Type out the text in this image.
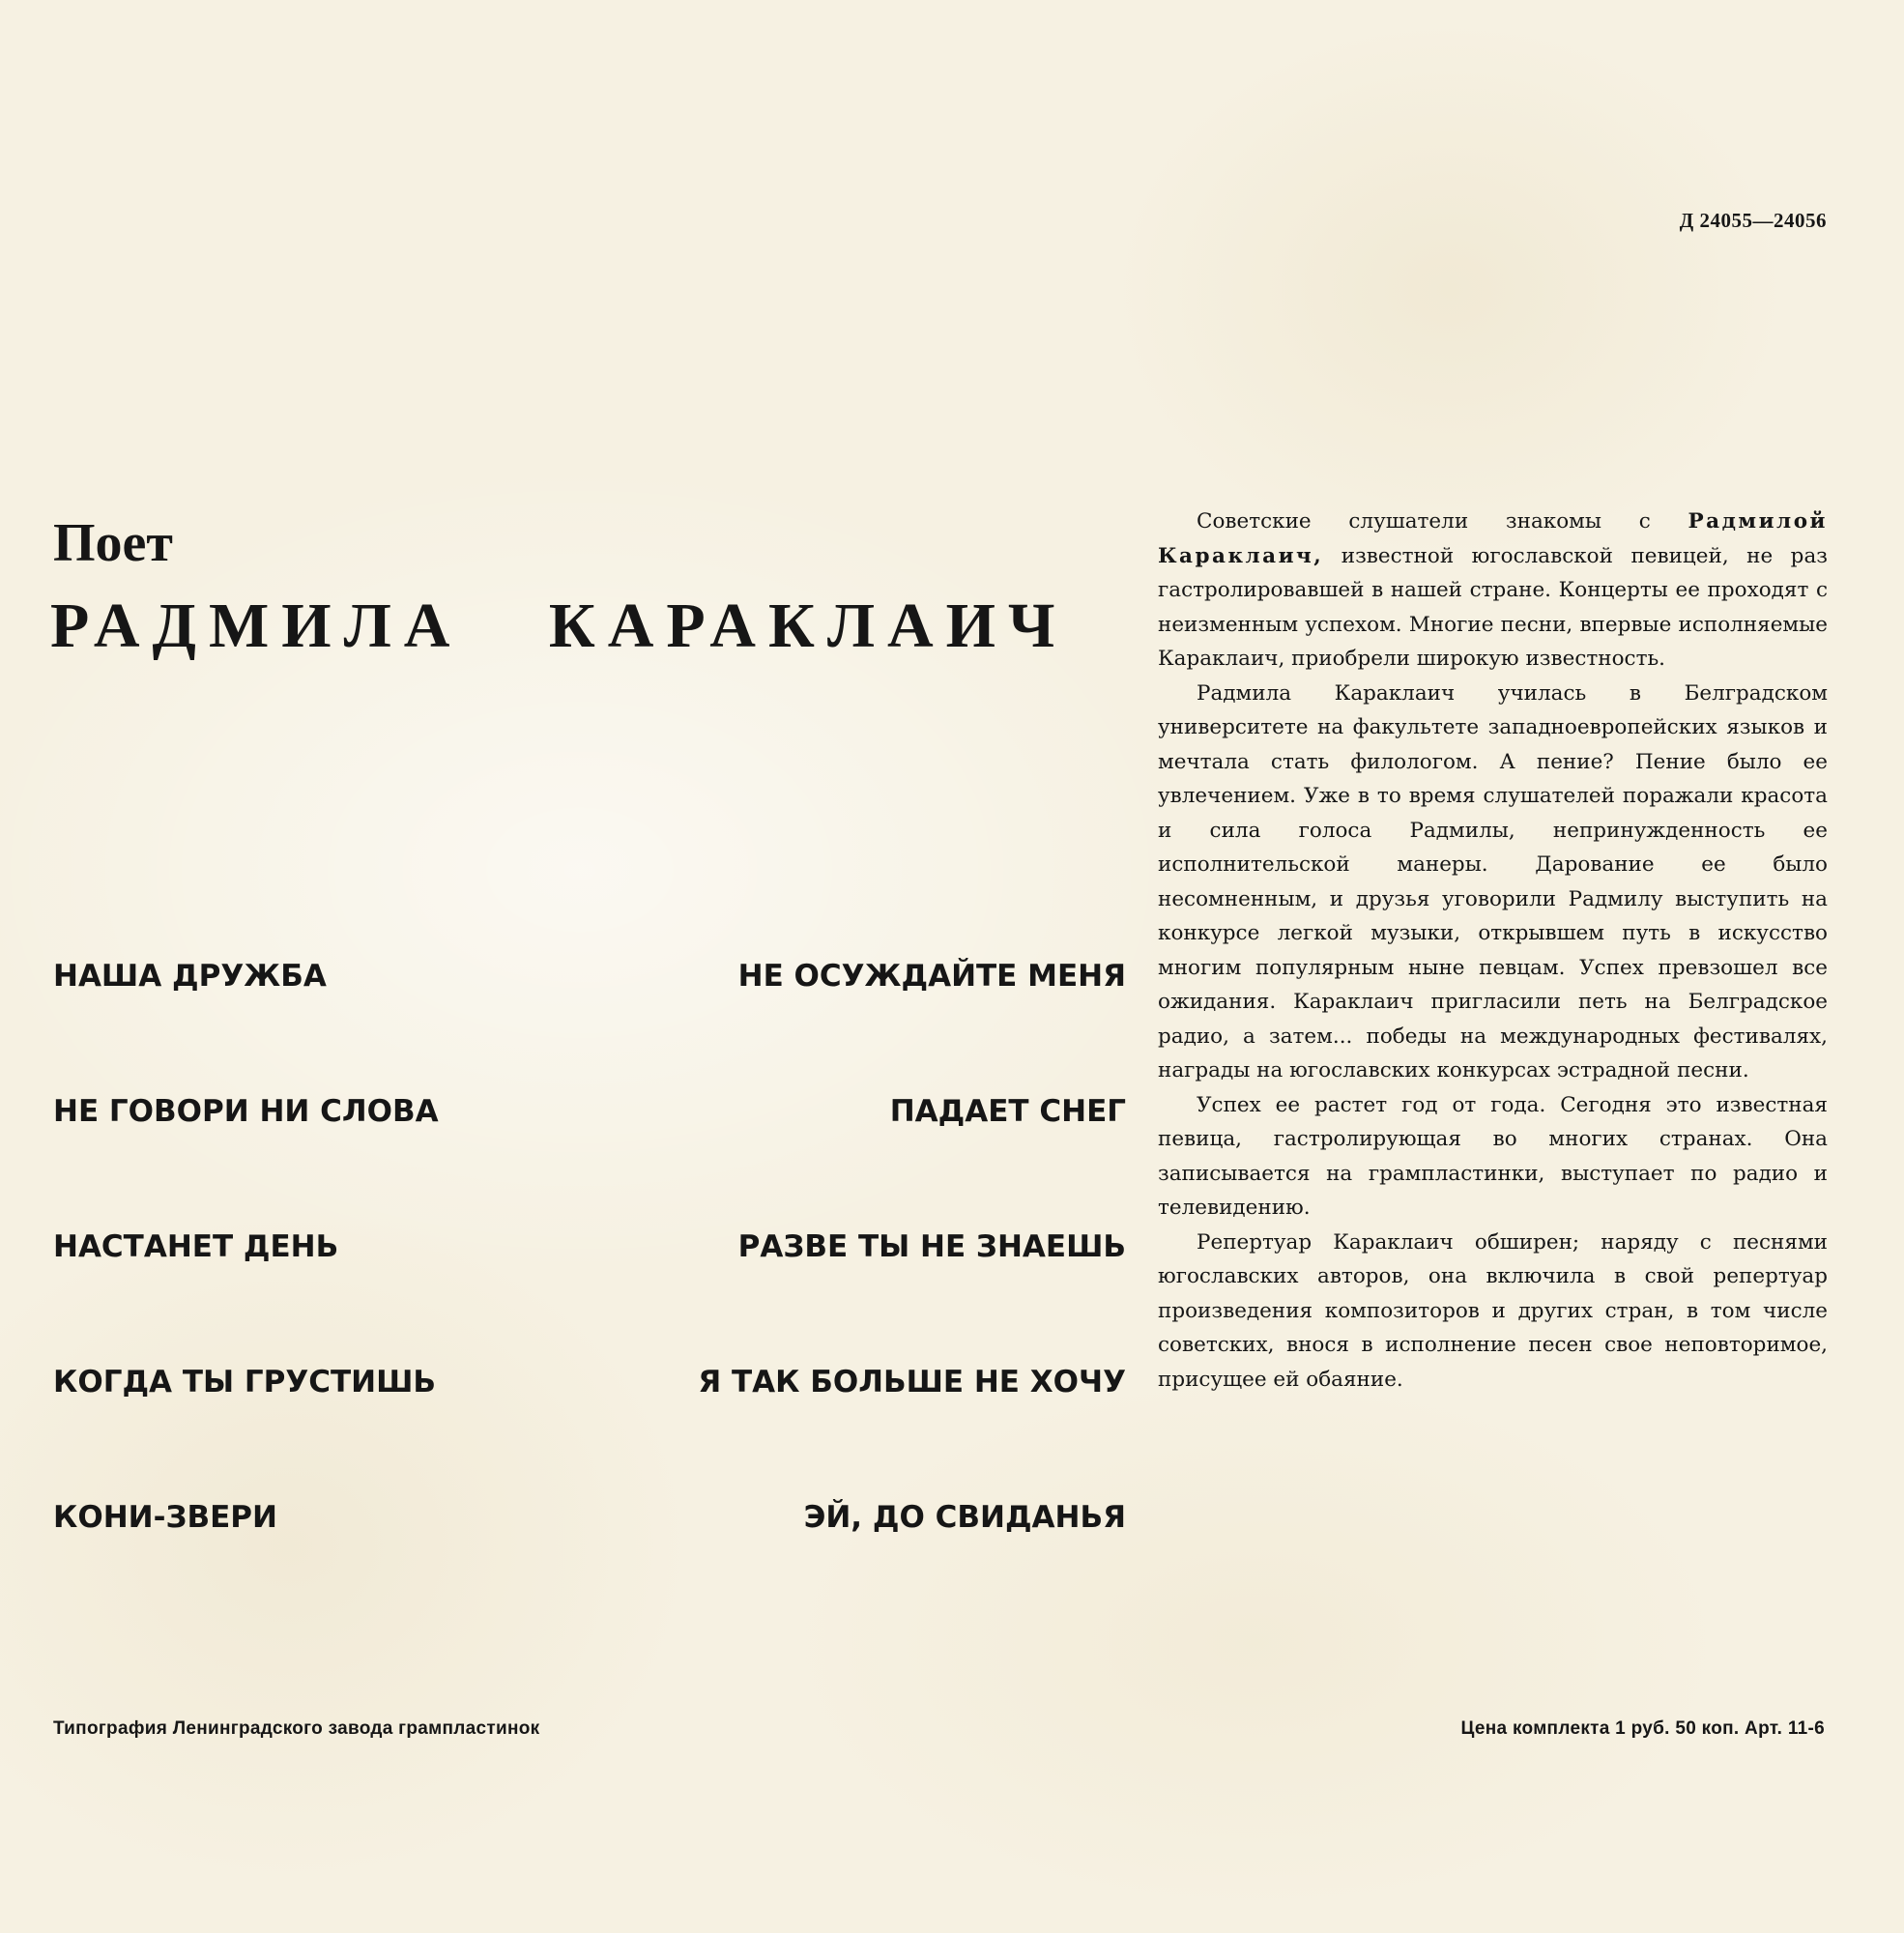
Д 24055—24056
Поет
РАДМИЛА КАРАКЛАИЧ
НАША ДРУЖБА	НЕ ОСУЖДАЙТЕ МЕНЯ
НЕ ГОВОРИ НИ СЛОВА	ПАДАЕТ СНЕГ
НАСТАНЕТ ДЕНЬ	РАЗВЕ ТЫ НЕ ЗНАЕШЬ
КОГДА ТЫ ГРУСТИШЬ	Я ТАК БОЛЬШЕ НЕ ХОЧУ
КОНИ-ЗВЕРИ	ЭЙ, ДО СВИДАНЬЯ

Советские слушатели знакомы с Радмилой Караклаич, известной югославской певицей, не раз гастролировавшей в нашей стране. Концерты ее проходят с неизменным успехом. Многие песни, впервые исполняемые Караклаич, приобрели широкую известность.

Радмила Караклаич училась в Белградском университете на факультете западноевропейских языков и мечтала стать филологом. А пение? Пение было ее увлечением. Уже в то время слушателей поражали красота и сила голоса Радмилы, непринужденность ее исполнительской манеры. Дарование ее было несомненным, и друзья уговорили Радмилу выступить на конкурсе легкой музыки, открывшем путь в искусство многим популярным ныне певцам. Успех превзошел все ожидания. Караклаич пригласили петь на Белградское радио, а затем... победы на международных фестивалях, награды на югославских конкурсах эстрадной песни.

Успех ее растет год от года. Сегодня это известная певица, гастролирующая во многих странах. Она записывается на грампластинки, выступает по радио и телевидению.

Репертуар Караклаич обширен; наряду с песнями югославских авторов, она включила в свой репертуар произведения композиторов и других стран, в том числе советских, внося в исполнение песен свое неповторимое, присущее ей обаяние.

Типография Ленинградского завода грампластинок	Цена комплекта 1 руб. 50 коп. Арт. 11-6
